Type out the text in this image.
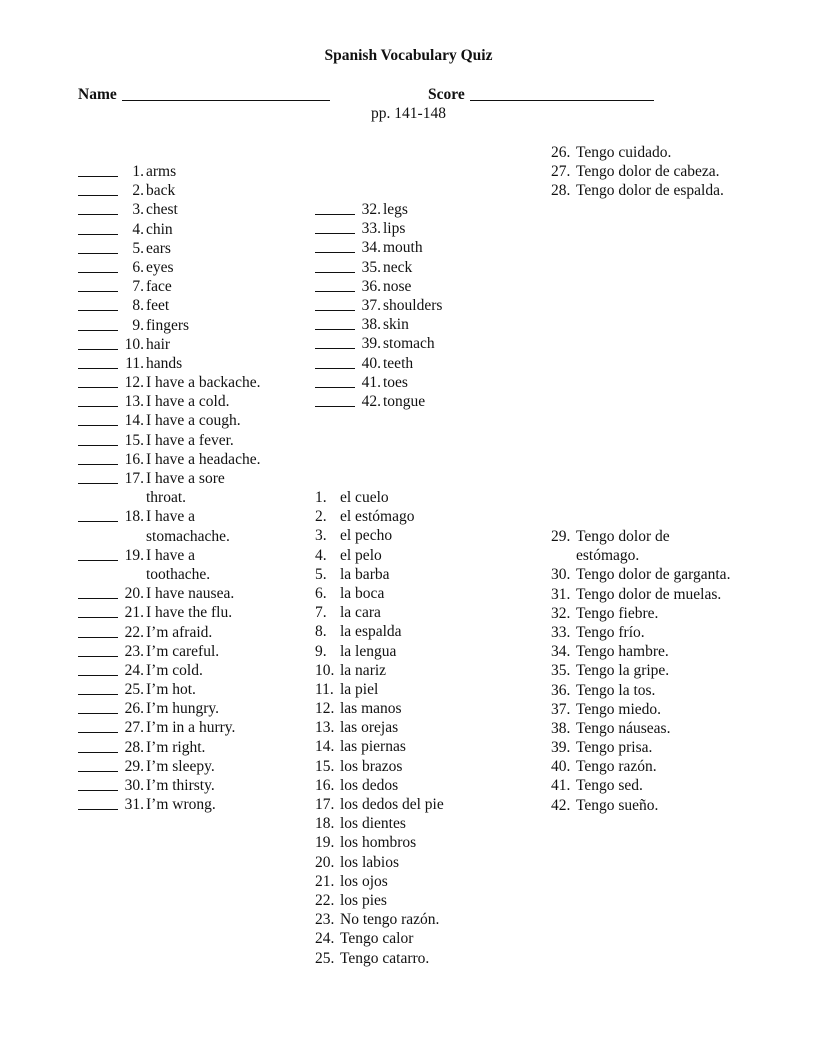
Spanish Vocabulary Quiz
Name	Score
pp. 141-148
1. arms
2. back
3. chest
4. chin
5. ears
6. eyes
7. face
8. feet
9. fingers
10. hair
11. hands
12. I have a backache.
13. I have a cold.
14. I have a cough.
15. I have a fever.
16. I have a headache.
17. I have a sore
throat.
18. I have a
stomachache.
19. I have a
toothache.
20. I have nausea.
21. I have the flu.
22. I’m afraid.
23. I’m careful.
24. I’m cold.
25. I’m hot.
26. I’m hungry.
27. I’m in a hurry.
28. I’m right.
29. I’m sleepy.
30. I’m thirsty.
31. I’m wrong.
32. legs
33. lips
34. mouth
35. neck
36. nose
37. shoulders
38. skin
39. stomach
40. teeth
41. toes
42. tongue
26. Tengo cuidado.
27. Tengo dolor de cabeza.
28. Tengo dolor de espalda.
1. el cuelo
2. el estómago
3. el pecho
4. el pelo
5. la barba
6. la boca
7. la cara
8. la espalda
9. la lengua
10. la nariz
11. la piel
12. las manos
13. las orejas
14. las piernas
15. los brazos
16. los dedos
17. los dedos del pie
18. los dientes
19. los hombros
20. los labios
21. los ojos
22. los pies
23. No tengo razón.
24. Tengo calor
25. Tengo catarro.
29. Tengo dolor de
estómago.
30. Tengo dolor de garganta.
31. Tengo dolor de muelas.
32. Tengo fiebre.
33. Tengo frío.
34. Tengo hambre.
35. Tengo la gripe.
36. Tengo la tos.
37. Tengo miedo.
38. Tengo náuseas.
39. Tengo prisa.
40. Tengo razón.
41. Tengo sed.
42. Tengo sueño.
